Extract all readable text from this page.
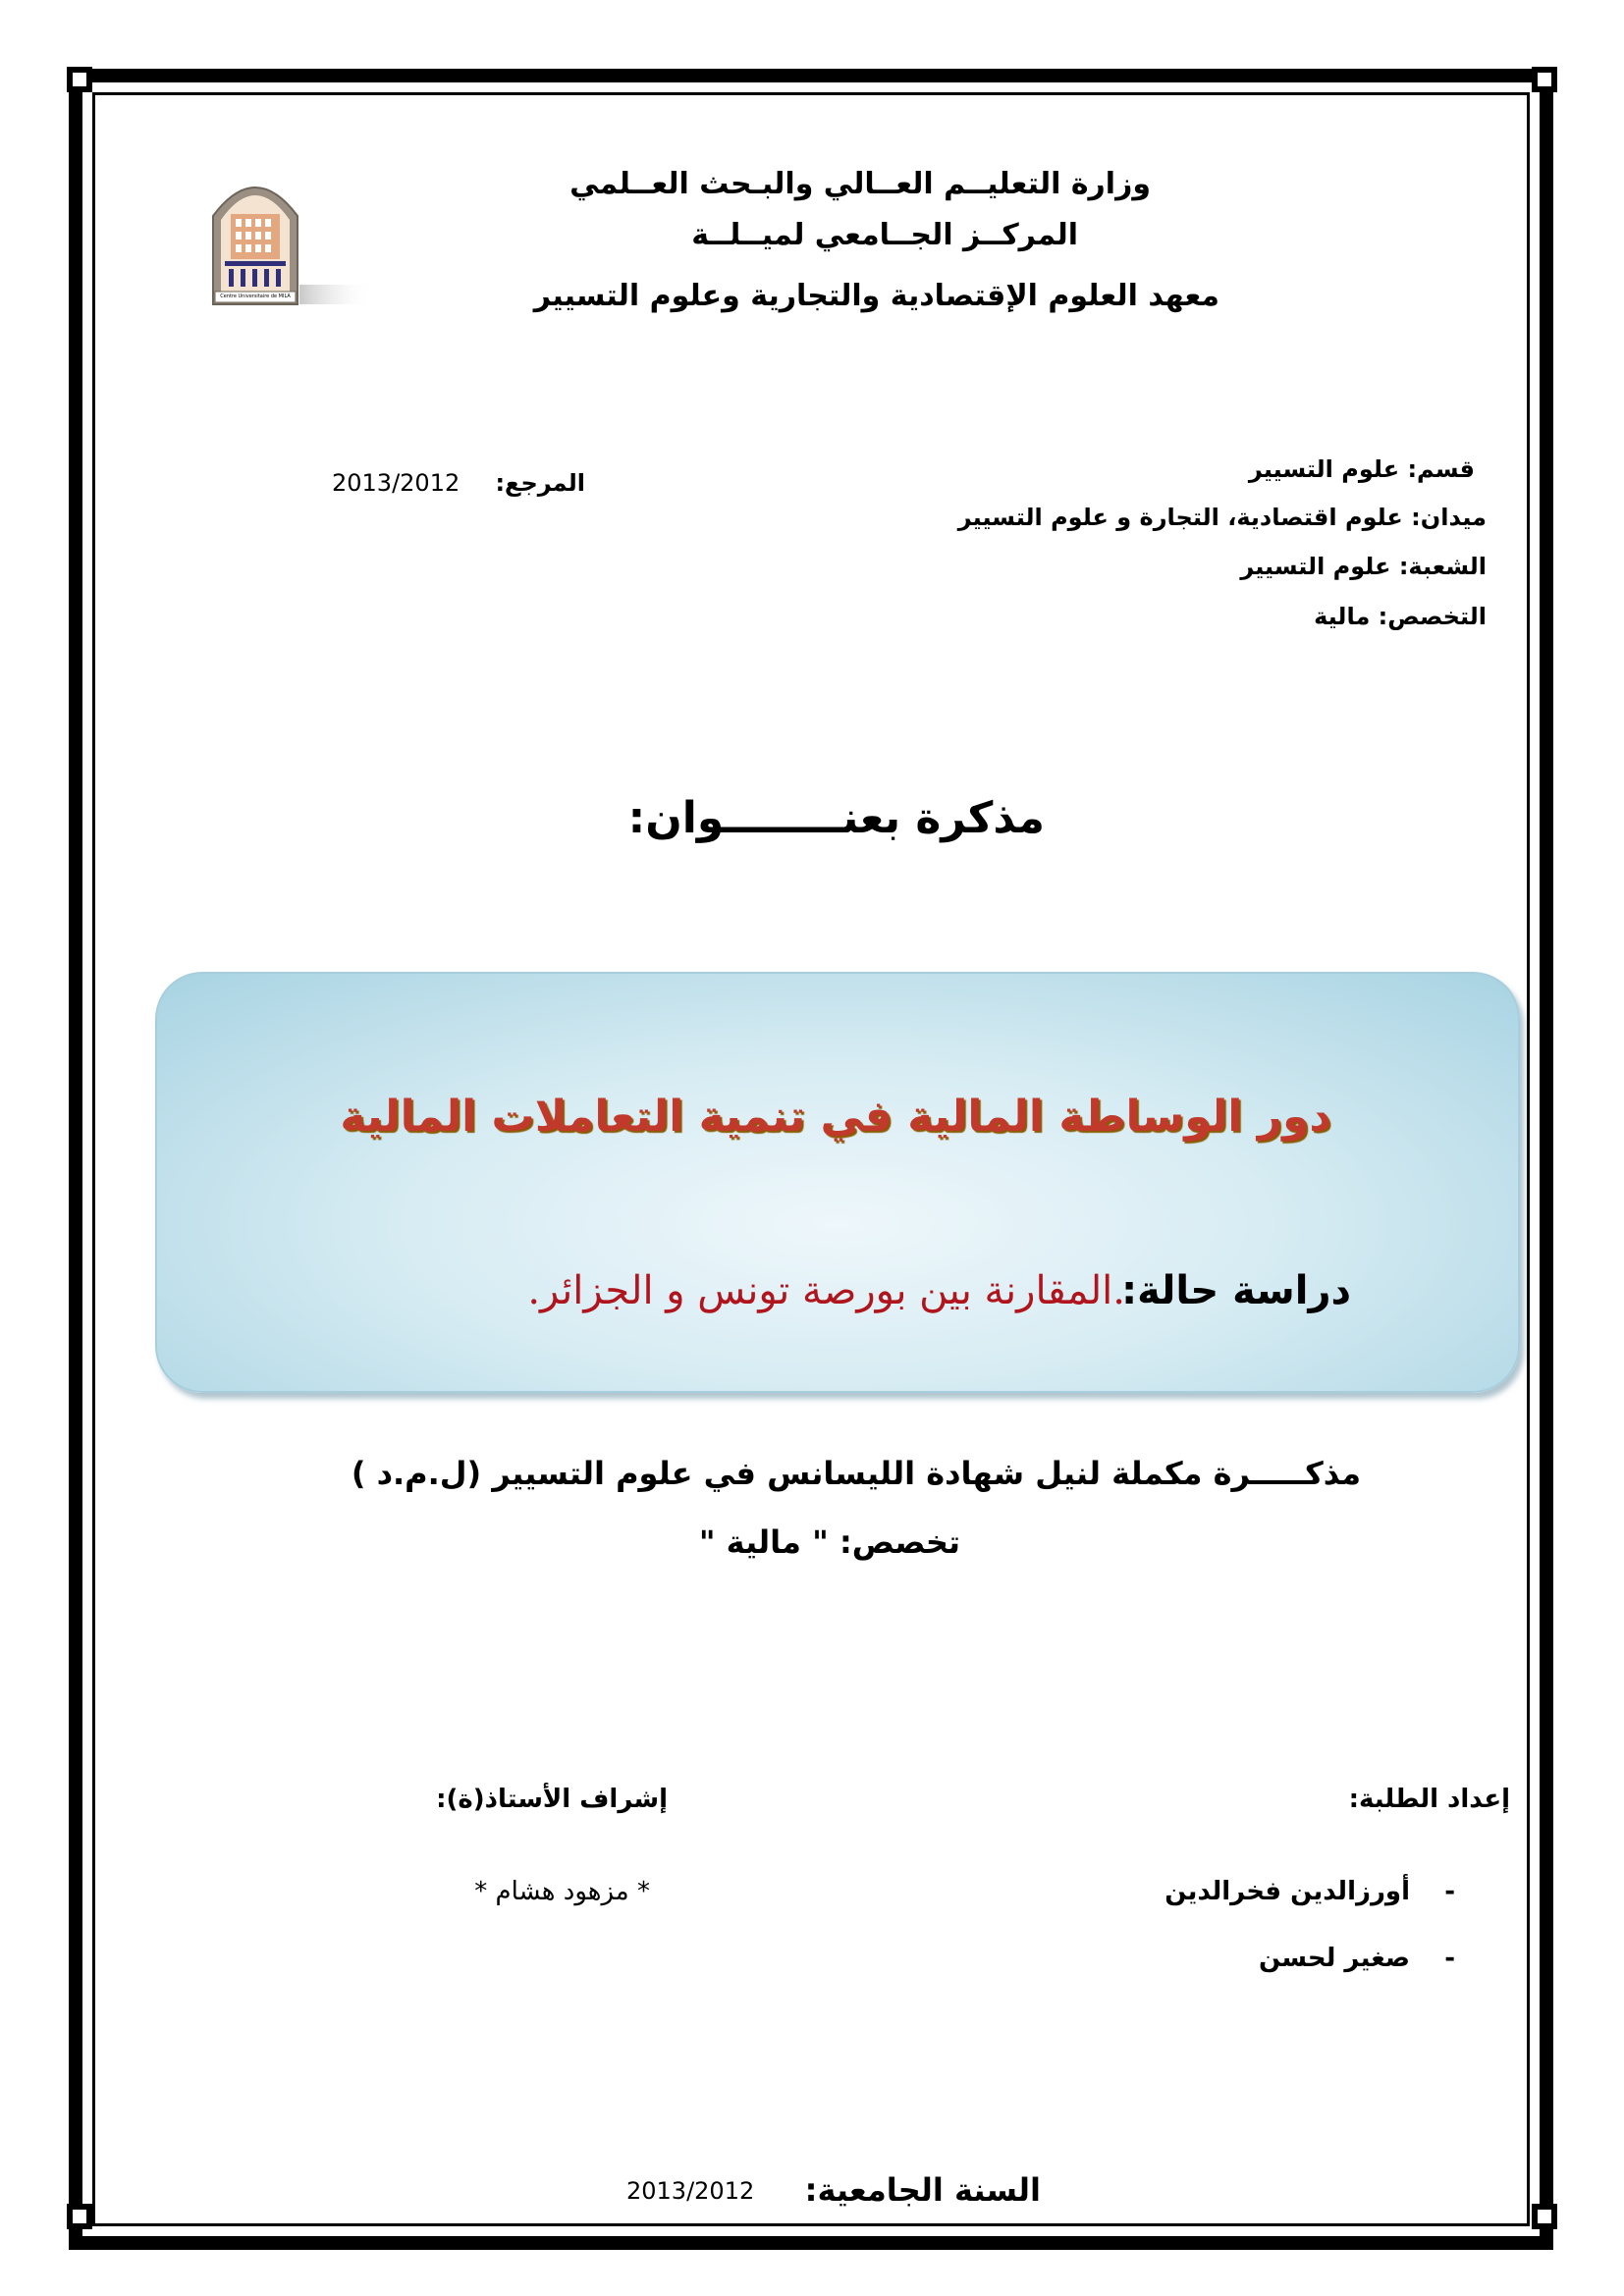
Centre Universitaire de MILA
وزارة التعليــم العــالي والبـحث العــلمي
المركــز الجــامعي لميــلــة
معهد العلوم الإقتصادية والتجارية وعلوم التسيير
قسم: علوم التسيير
ميدان: علوم اقتصادية، التجارة و علوم التسيير
الشعبة: علوم التسيير
التخصص: مالية
المرجع:
2013/2012
مذكرة بعنــــــــوان:
دور الوساطة المالية في تنمية التعاملات المالية
دراسة حالة:
.المقارنة بين بورصة تونس و الجزائر.
مذكـــــرة مكملة لنيل شهادة الليسانس في علوم التسيير (ل.م.د )
تخصص: " مالية "
إعداد الطلبة:
إشراف الأستاذ(ة):
-
أورزالدين فخرالدين
-
صغير لحسن
* مزهود هشام *
السنة الجامعية:
2013/2012
